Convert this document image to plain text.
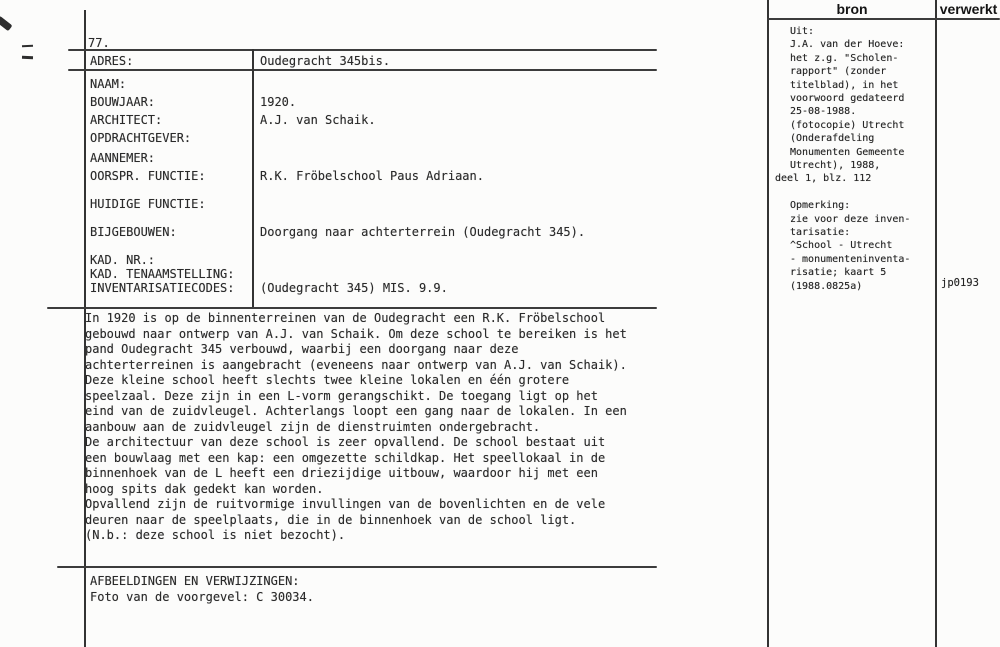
77.
ADRES:	Oudegracht 345bis.
NAAM:
BOUWJAAR:	1920.
ARCHITECT:	A.J. van Schaik.
OPDRACHTGEVER:
AANNEMER:
OORSPR. FUNCTIE:	R.K. Fröbelschool Paus Adriaan.
HUIDIGE FUNCTIE:
BIJGEBOUWEN:	Doorgang naar achterterrein (Oudegracht 345).
KAD. NR.:
KAD. TENAAMSTELLING:
INVENTARISATIECODES: (Oudegracht 345) MIS. 9.9.
In 1920 is op de binnenterreinen van de Oudegracht een R.K. Fröbelschool
gebouwd naar ontwerp van A.J. van Schaik. Om deze school te bereiken is het
pand Oudegracht 345 verbouwd, waarbij een doorgang naar deze
achterterreinen is aangebracht (eveneens naar ontwerp van A.J. van Schaik).
Deze kleine school heeft slechts twee kleine lokalen en één grotere
speelzaal. Deze zijn in een L-vorm gerangschikt. De toegang ligt op het
eind van de zuidvleugel. Achterlangs loopt een gang naar de lokalen. In een
aanbouw aan de zuidvleugel zijn de dienstruimten ondergebracht.
De architectuur van deze school is zeer opvallend. De school bestaat uit
een bouwlaag met een kap: een omgezette schildkap. Het speellokaal in de
binnenhoek van de L heeft een driezijdige uitbouw, waardoor hij met een
hoog spits dak gedekt kan worden.
Opvallend zijn de ruitvormige invullingen van de bovenlichten en de vele
deuren naar de speelplaats, die in de binnenhoek van de school ligt.
(N.b.: deze school is niet bezocht).
AFBEELDINGEN EN VERWIJZINGEN:
Foto van de voorgevel: C 30034.
bron	verwerkt
Uit:
J.A. van der Hoeve:
het z.g. "Scholen-
rapport" (zonder
titelblad), in het
voorwoord gedateerd
25-08-1988.
(fotocopie) Utrecht
(Onderafdeling
Monumenten Gemeente
Utrecht), 1988,
deel 1, blz. 112
Opmerking:
zie voor deze inven-
tarisatie:
^School - Utrecht
- monumenteninventa-
risatie; kaart 5
(1988.0825a)	jp0193
